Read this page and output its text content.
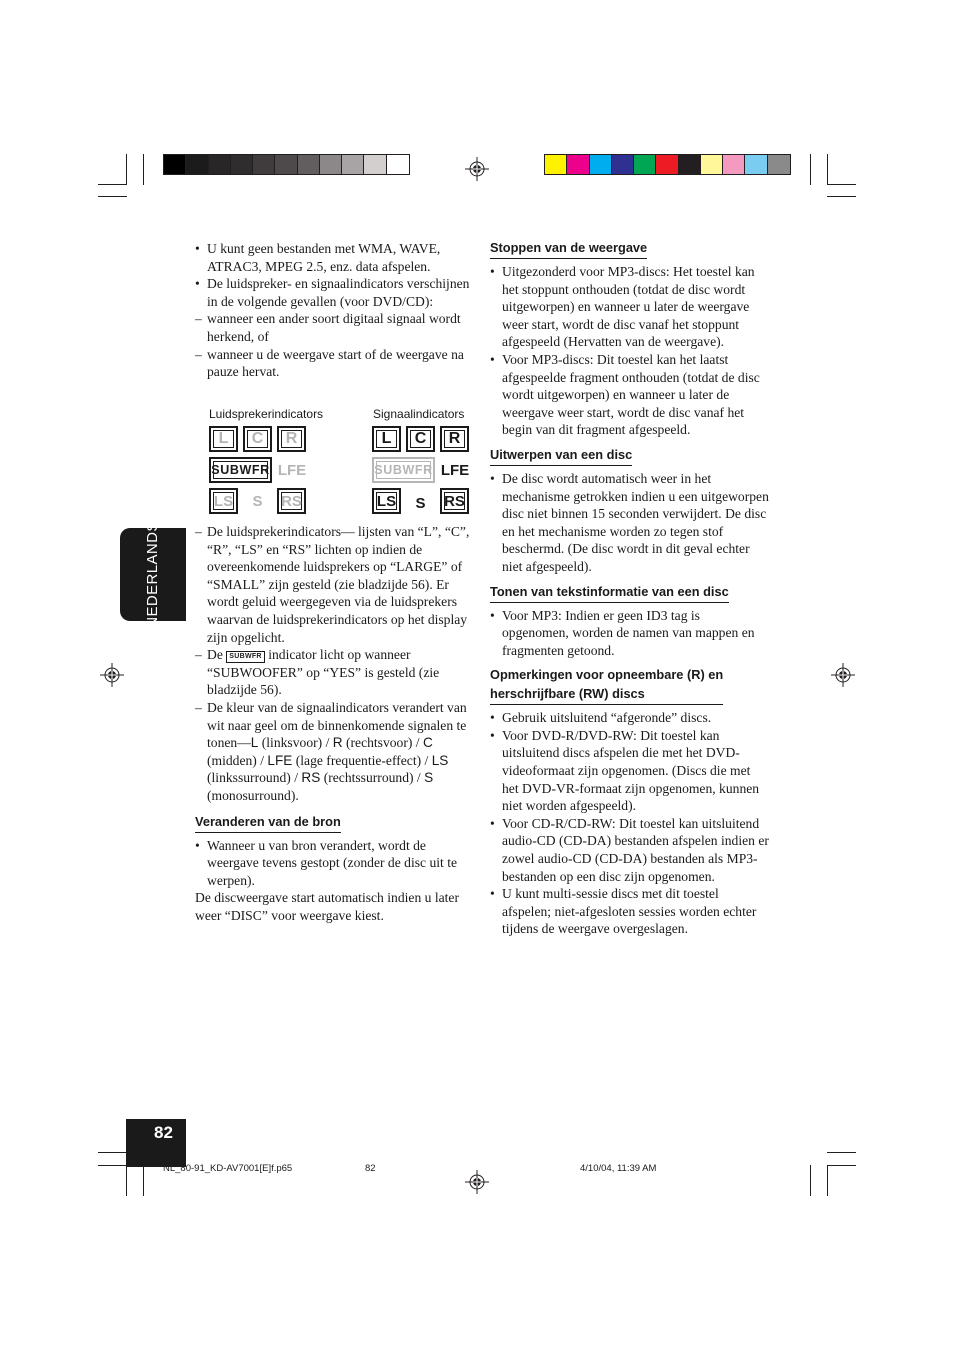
NEDERLANDS

• U kunt geen bestanden met WMA, WAVE, ATRAC3, MPEG 2.5, enz. data afspelen.

• De luidspreker- en signaalindicators verschijnen in de volgende gevallen (voor DVD/CD):

– wanneer een ander soort digitaal signaal wordt herkend, of

– wanneer u de weergave start of de weergave na pauze hervat.

Luidsprekerindicators	Signaalindicators
L C R
SUBWFR LFE
LS S RS
L C R
SUBWFR LFE
LS S RS

– De luidsprekerindicators— lijsten van “L”, “C”, “R”, “LS” en “RS” lichten op indien de overeenkomende luidsprekers op “LARGE” of “SMALL” zijn gesteld (zie bladzijde 56). Er wordt geluid weergegeven via de luidsprekers waarvan de luidsprekerindicators op het display zijn opgelicht.

– De SUBWFR indicator licht op wanneer “SUBWOOFER” op “YES” is gesteld (zie bladzijde 56).

– De kleur van de signaalindicators verandert van wit naar geel om de binnenkomende signalen te tonen—L (linksvoor) / R (rechtsvoor) / C (midden) / LFE (lage frequentie-effect) / LS (linkssurround) / RS (rechtssurround) / S (monosurround).

Veranderen van de bron

• Wanneer u van bron verandert, wordt de weergave tevens gestopt (zonder de disc uit te werpen).

De discweergave start automatisch indien u later weer “DISC” voor weergave kiest.

Stoppen van de weergave

• Uitgezonderd voor MP3-discs: Het toestel kan het stoppunt onthouden (totdat de disc wordt uitgeworpen) en wanneer u later de weergave weer start, wordt de disc vanaf het stoppunt afgespeeld (Hervatten van de weergave).

• Voor MP3-discs: Dit toestel kan het laatst afgespeelde fragment onthouden (totdat de disc wordt uitgeworpen) en wanneer u later de weergave weer start, wordt de disc vanaf het begin van dit fragment afgespeeld.

Uitwerpen van een disc

• De disc wordt automatisch weer in het mechanisme getrokken indien u een uitgeworpen disc niet binnen 15 seconden verwijdert. De disc en het mechanisme worden zo tegen stof beschermd. (De disc wordt in dit geval echter niet afgespeeld).

Tonen van tekstinformatie van een disc

• Voor MP3: Indien er geen ID3 tag is opgenomen, worden de namen van mappen en fragmenten getoond.

Opmerkingen voor opneembare (R) en
herschrijfbare (RW) discs

• Gebruik uitsluitend “afgeronde” discs.

• Voor DVD-R/DVD-RW: Dit toestel kan uitsluitend discs afspelen die met het DVD-videoformaat zijn opgenomen. (Discs die met het DVD-VR-formaat zijn opgenomen, kunnen niet worden afgespeeld).

• Voor CD-R/CD-RW: Dit toestel kan uitsluitend audio-CD (CD-DA) bestanden afspelen indien er zowel audio-CD (CD-DA) bestanden als MP3-bestanden op een disc zijn opgenomen.

• U kunt multi-sessie discs met dit toestel afspelen; niet-afgesloten sessies worden echter tijdens de weergave overgeslagen.

82
NL_80-91_KD-AV7001[E]f.p65	82	4/10/04, 11:39 AM
